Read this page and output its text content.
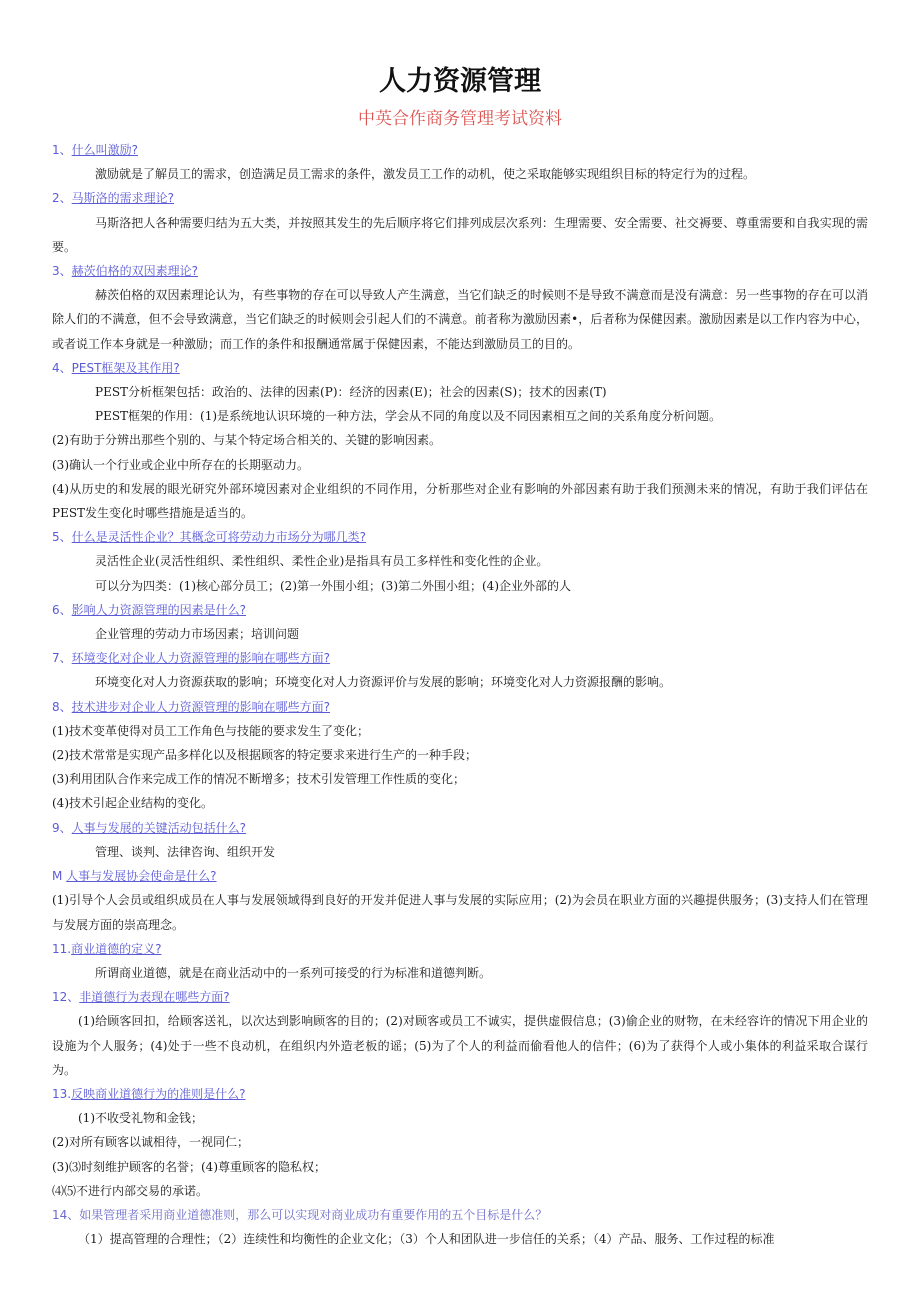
人力资源管理
中英合作商务管理考试资料
1、什么叫激励?

激励就是了解员工的需求，创造满足员工需求的条件，激发员工工作的动机，使之采取能够实现组织目标的特定行为的过程。

2、马斯洛的需求理论?

马斯洛把人各种需要归结为五大类，并按照其发生的先后顺序将它们排列成层次系列：生理需要、安全需要、社交褥要、尊重需要和自我实现的需要。

3、赫茨伯格的双因素理论?

赫茨伯格的双因素理论认为，有些事物的存在可以导致人产生满意，当它们缺乏的时候则不是导致不满意而是没有满意：另一些事物的存在可以消除人们的不满意，但不会导致满意，当它们缺乏的时候则会引起人们的不满意。前者称为激励因素•，后者称为保健因素。激励因素是以工作内容为中心，或者说工作本身就是一种激励；而工作的条件和报酬通常属于保健因素，不能达到激励员工的目的。

4、PEST框架及其作用?

PEST分析框架包括：政治的、法律的因素(P)：经济的因素(E)；社会的因素(S)；技术的因素(T)

PEST框架的作用：(1)是系统地认识环境的一种方法，学会从不同的角度以及不同因素相互之间的关系角度分析问题。

(2)有助于分辨出那些个别的、与某个特定场合相关的、关键的影响因素。

(3)确认一个行业或企业中所存在的长期驱动力。

(4)从历史的和发展的眼光研究外部环境因素对企业组织的不同作用，分析那些对企业有影响的外部因素有助于我们预测未来的情况，有助于我们评估在PEST发生变化时哪些措施是适当的。

5、什么是灵活性企业？其概念可将劳动力市场分为哪几类?

灵活性企业(灵活性组织、柔性组织、柔性企业)是指具有员工多样性和变化性的企业。

可以分为四类：(1)核心部分员工；(2)第一外围小组；(3)第二外围小组；(4)企业外部的人

6、影响人力资源管理的因素是什么?

企业管理的劳动力市场因素；培训问题

7、环境变化对企业人力资源管理的影响在哪些方面?

环境变化对人力资源获取的影响；环境变化对人力资源评价与发展的影响；环境变化对人力资源报酬的影响。

8、技术进步对企业人力资源管理的影响在哪些方面?

(1)技术变革使得对员工工作角色与技能的要求发生了变化；

(2)技术常常是实现产品多样化以及根据顾客的特定要求来进行生产的一种手段；

(3)利用团队合作来完成工作的情况不断增多；技术引发管理工作性质的变化；

(4)技术引起企业结构的变化。

9、人事与发展的关键活动包括什么?

管理、谈判、法律咨询、组织开发

M 人事与发展协会使命是什么?

(1)引导个人会员或组织成员在人事与发展领域得到良好的开发并促进人事与发展的实际应用；(2)为会员在职业方面的兴趣提供服务；(3)支持人们在管理与发展方面的崇高理念。

11.商业道德的定义?

所谓商业道德，就是在商业活动中的一系列可接受的行为标准和道德判断。

12、非道德行为表现在哪些方面?

(1)给顾客回扣，给顾客送礼，以次达到影响顾客的目的；(2)对顾客或员工不诚实，提供虚假信息；(3)偷企业的财物，在未经容许的情况下用企业的设施为个人服务；(4)处于一些不良动机，在组织内外造老板的谣；(5)为了个人的利益而偷看他人的信件；(6)为了获得个人或小集体的利益采取合谋行为。

13.反映商业道德行为的准则是什么?

(1)不收受礼物和金钱；

(2)对所有顾客以诚相待，一视同仁；

(3)⑶时刻维护顾客的名誉；(4)尊重顾客的隐私权；

⑷⑸不进行内部交易的承诺。

14、如果管理者采用商业道德准则，那么可以实现对商业成功有重要作用的五个目标是什么？

（1）提高管理的合理性；（2）连续性和均衡性的企业文化；（3）个人和团队进一步信任的关系；（4）产品、服务、工作过程的标准
